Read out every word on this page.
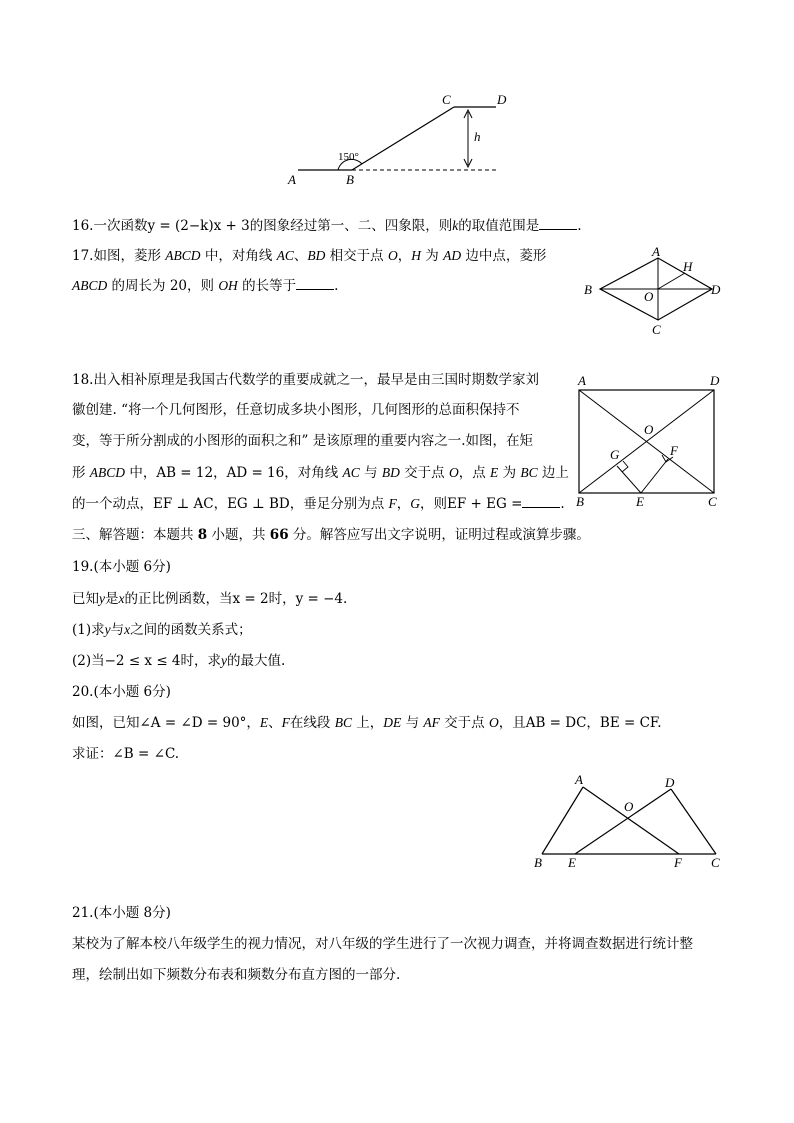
A	B
C	D
h
150°
16.一次函数y = (2−k)x + 3的图象经过第一、二、四象限，则k的取值范围是	.
17.如图，菱形 ABCD 中，对角线 AC、BD 相交于点 O，H 为 AD 边中点，菱形
ABCD 的周长为 20，则 OH 的长等于	.
A
B	D
C
H
O
18.出入相补原理是我国古代数学的重要成就之一，最早是由三国时期数学家刘
徽创建. “将一个几何图形，任意切成多块小图形，几何图形的总面积保持不
变，等于所分割成的小图形的面积之和” 是该原理的重要内容之一.如图，在矩
形 ABCD 中，AB = 12，AD = 16，对角线 AC 与 BD 交于点 O，点 E 为 BC 边上
的一个动点，EF ⊥ AC，EG ⊥ BD，垂足分别为点 F，G，则EF + EG =	.
A	D
B	C
E
F
G
O
三、解答题：本题共 8 小题，共 66 分。解答应写出文字说明，证明过程或演算步骤。
19.(本小题 6分)
已知y是x的正比例函数，当x = 2时，y = −4.
(1)求y与x之间的函数关系式；
(2)当−2 ≤ x ≤ 4时，求y的最大值.
20.(本小题 6分)
如图，已知∠A = ∠D = 90°，E、F在线段 BC 上，DE 与 AF 交于点 O，且AB = DC，BE = CF.
求证：∠B = ∠C.
A	D
B E	F C
O
21.(本小题 8分)
某校为了解本校八年级学生的视力情况，对八年级的学生进行了一次视力调查，并将调查数据进行统计整
理，绘制出如下频数分布表和频数分布直方图的一部分.
